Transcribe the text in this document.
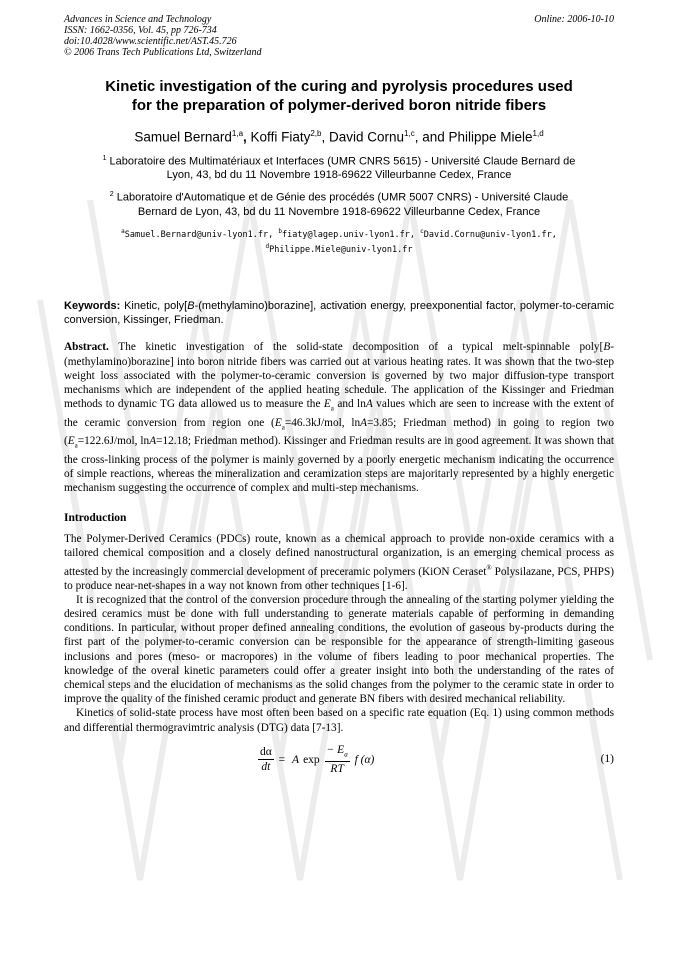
Advances in Science and Technology
ISSN: 1662-0356, Vol. 45, pp 726-734
doi:10.4028/www.scientific.net/AST.45.726
© 2006 Trans Tech Publications Ltd, Switzerland
Online: 2006-10-10
Kinetic investigation of the curing and pyrolysis procedures used
for the preparation of polymer-derived boron nitride fibers
Samuel Bernard$^{1,a}$, Koffi Fiaty$^{2,b}$, David Cornu$^{1,c}$, and Philippe Miele$^{1,d}$
$^1$ Laboratoire des Multimatériaux et Interfaces (UMR CNRS 5615) - Université Claude Bernard de
Lyon, 43, bd du 11 Novembre 1918-69622 Villeurbanne Cedex, France
$^2$ Laboratoire d'Automatique et de Génie des procédés (UMR 5007 CNRS) - Université Claude
Bernard de Lyon, 43, bd du 11 Novembre 1918-69622 Villeurbanne Cedex, France
$^a$Samuel.Bernard@univ-lyon1.fr, $^b$fiaty@lagep.univ-lyon1.fr, $^c$David.Cornu@univ-lyon1.fr,
$^d$Philippe.Miele@univ-lyon1.fr
Keywords: Kinetic, poly[B-(methylamino)borazine], activation energy, preexponential factor, polymer-to-ceramic conversion, Kissinger, Friedman.
Abstract. The kinetic investigation of the solid-state decomposition of a typical melt-spinnable poly[B-(methylamino)borazine] into boron nitride fibers was carried out at various heating rates. It was shown that the two-step weight loss associated with the polymer-to-ceramic conversion is governed by two major diffusion-type transport mechanisms which are independent of the applied heating schedule. The application of the Kissinger and Friedman methods to dynamic TG data allowed us to measure the $E_a$ and lnA values which are seen to increase with the extent of the ceramic conversion from region one ($E_a=46.3kJ$/mol, lnA=3.85; Friedman method) in going to region two ($E_a=122.6J$/mol, lnA=12.18; Friedman method). Kissinger and Friedman results are in good agreement. It was shown that the cross-linking process of the polymer is mainly governed by a poorly energetic mechanism indicating the occurrence of simple reactions, whereas the mineralization and ceramization steps are majoritarly represented by a highly energetic mechanism suggesting the occurrence of complex and multi-step mechanisms.
Introduction

The Polymer-Derived Ceramics (PDCs) route, known as a chemical approach to provide non-oxide ceramics with a tailored chemical composition and a closely defined nanostructural organization, is an emerging chemical process as attested by the increasingly commercial development of preceramic polymers (KiON Ceraset® Polysilazane, PCS, PHPS) to produce near-net-shapes in a way not known from other techniques [1-6].

It is recognized that the control of the conversion procedure through the annealing of the starting polymer yielding the desired ceramics must be done with full understanding to generate materials capable of performing in demanding conditions. In particular, without proper defined annealing conditions, the evolution of gaseous by-products during the first part of the polymer-to-ceramic conversion can be responsible for the appearance of strength-limiting gaseous inclusions and pores (meso- or macropores) in the volume of fibers leading to poor mechanical properties. The knowledge of the overal kinetic parameters could offer a greater insight into both the understanding of the rates of chemical steps and the elucidation of mechanisms as the solid changes from the polymer to the ceramic state in order to improve the quality of the finished ceramic product and generate BN fibers with desired mechanical reliability.

Kinetics of solid-state process have most often been based on a specific rate equation (Eq. 1) using common methods and differential thermogravimtric analysis (DTG) data [7-13].

$\frac{d\alpha}{dt} = A$ $\exp \frac{- E_a}{RT}$ f (α)	(1)
